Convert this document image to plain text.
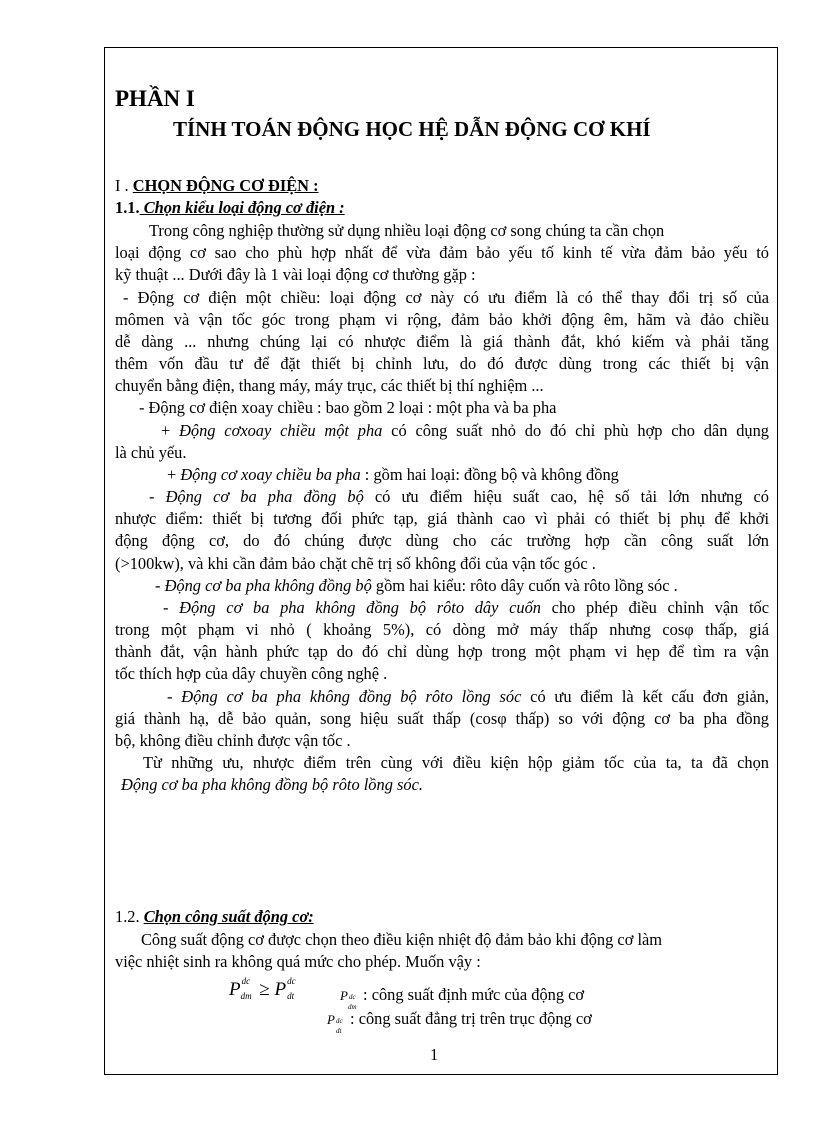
PHẦN I
TÍNH TOÁN ĐỘNG HỌC HỆ DẪN ĐỘNG CƠ KHÍ
I . CHỌN ĐỘNG CƠ ĐIỆN :
1.1. Chọn kiểu loại động cơ điện :
Trong công nghiệp thường sử dụng nhiều loại động cơ song chúng ta cần chọn
loại động cơ sao cho phù hợp nhất để vừa đảm bảo yếu tố kinh tế vừa đảm bảo yếu tó
kỹ thuật ... Dưới đây là 1 vài loại động cơ thường gặp :
- Động cơ điện một chiều: loại động cơ này có ưu điểm là có thể thay đổi trị số của
mômen và vận tốc góc trong phạm vi rộng, đảm bảo khởi động êm, hãm và đảo chiều
dễ dàng ... nhưng chúng lại có nhược điểm là giá thành đắt, khó kiếm và phải tăng
thêm vốn đầu tư để đặt thiết bị chỉnh lưu, do đó được dùng trong các thiết bị vận
chuyển bằng điện, thang máy, máy trục, các thiết bị thí nghiệm ...
- Động cơ điện xoay chiều : bao gồm 2 loại : một pha và ba pha
+ Động cơxoay chiều một pha có công suất nhỏ do đó chỉ phù hợp cho dân dụng
là chủ yếu.
+ Động cơ xoay chiều ba pha : gồm hai loại: đồng bộ và không đồng
- Động cơ ba pha đồng bộ có ưu điểm hiệu suất cao, hệ số tải lớn nhưng có
nhược điểm: thiết bị tương đối phức tạp, giá thành cao vì phải có thiết bị phụ để khởi
động động cơ, do đó chúng được dùng cho các trường hợp cần công suất lớn
(>100kw), và khi cần đảm bảo chặt chẽ trị số không đổi của vận tốc góc .
- Động cơ ba pha không đồng bộ gồm hai kiểu: rôto dây cuốn và rôto lồng sóc .
- Động cơ ba pha không đồng bộ rôto dây cuốn cho phép điều chỉnh vận tốc
trong một phạm vi nhỏ ( khoảng 5%), có dòng mở máy thấp nhưng cosφ thấp, giá
thành đắt, vận hành phức tạp do đó chỉ dùng hợp trong một phạm vi hẹp để tìm ra vận
tốc thích hợp của dây chuyền công nghệ .
- Động cơ ba pha không đồng bộ rôto lồng sóc có ưu điểm là kết cấu đơn giản,
giá thành hạ, dễ bảo quản, song hiệu suất thấp (cosφ thấp) so với động cơ ba pha đồng
bộ, không điều chỉnh được vận tốc .
Từ những ưu, nhược điểm trên cùng với điều kiện hộp giảm tốc của ta, ta đã chọn
Động cơ ba pha không đồng bộ rôto lồng sóc.
1.2. Chọn công suất động cơ:
Công suất động cơ được chọn theo điều kiện nhiệt độ đảm bảo khi động cơ làm
việc nhiệt sinh ra không quá mức cho phép. Muốn vậy :
P dc
dm ≥ P dc
dt	P dc
dm
: công suất định mức của động cơ
P dc
dt
: công suất đẳng trị trên trục động cơ
1
